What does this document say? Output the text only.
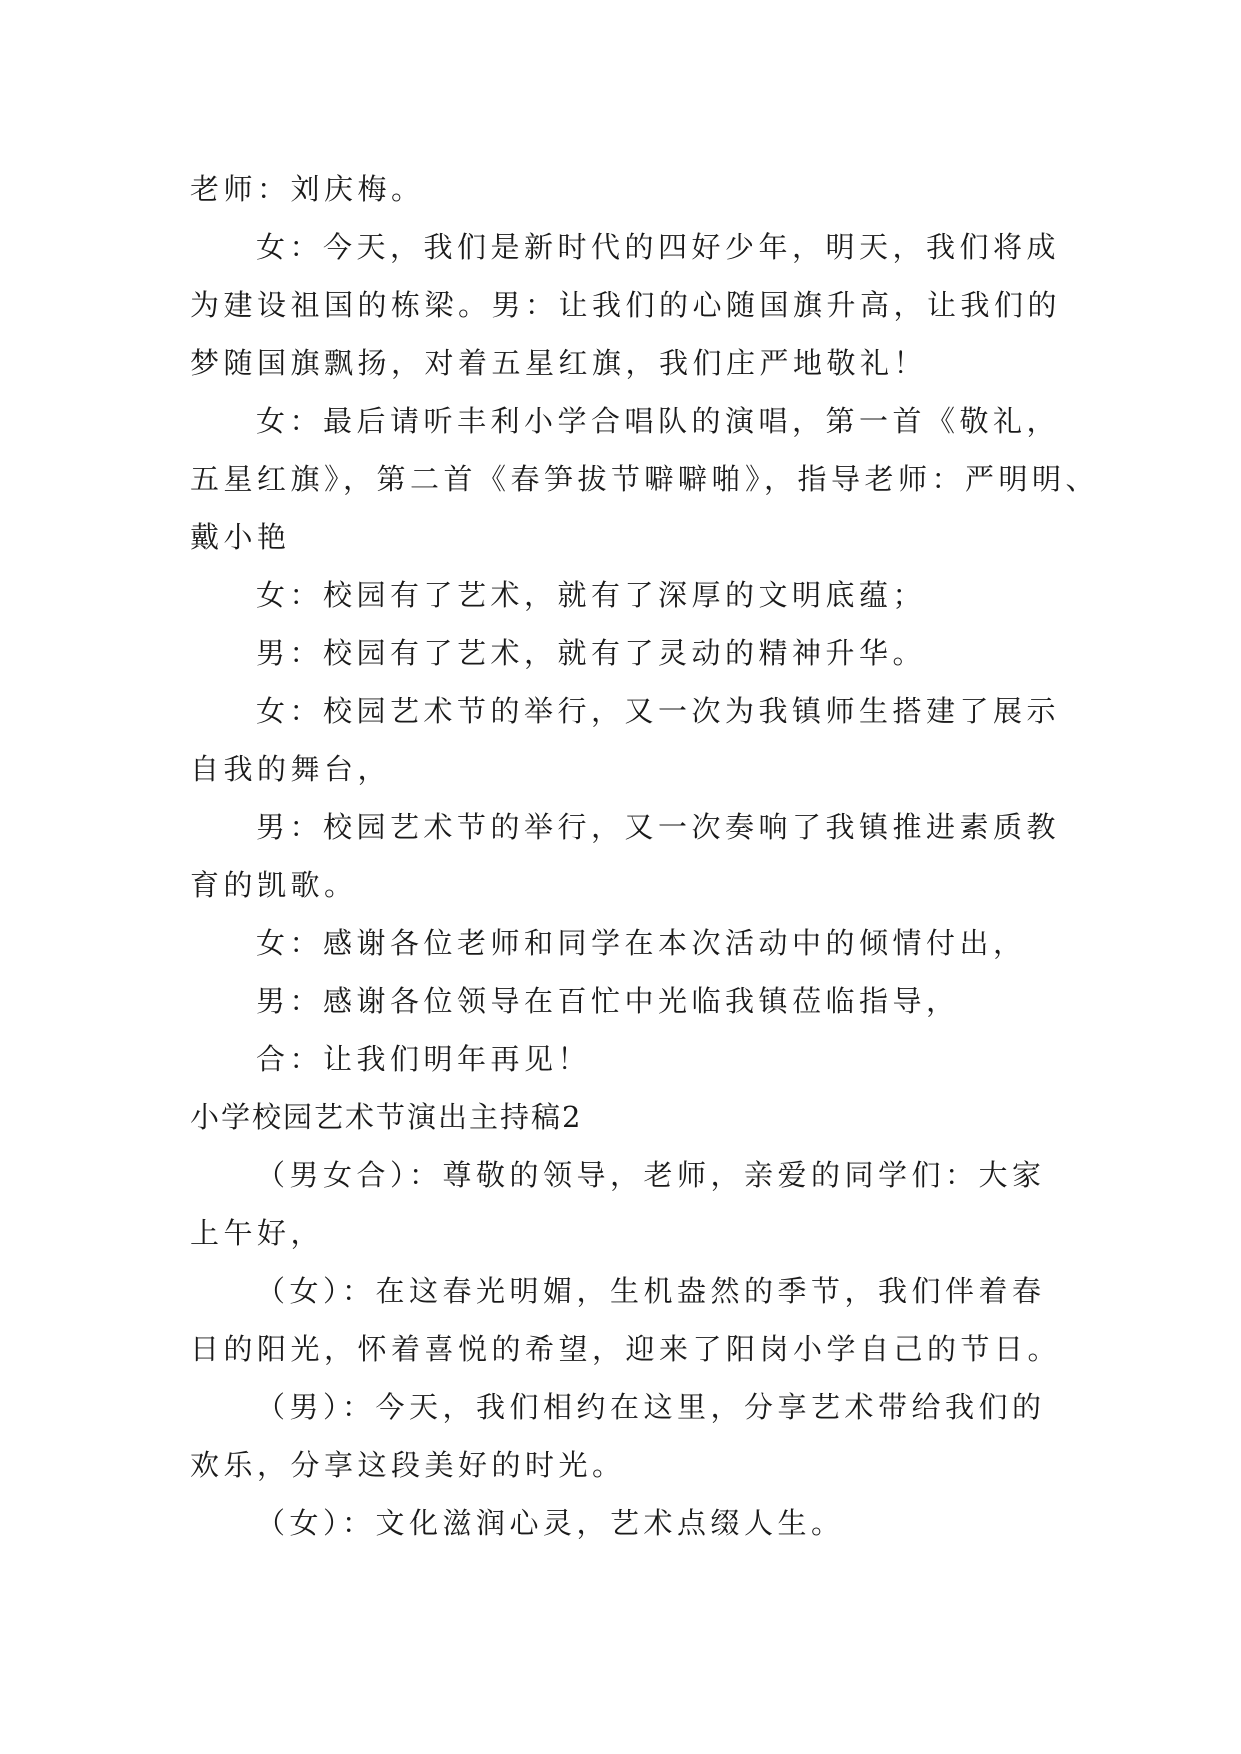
老师：刘庆梅。
女：今天，我们是新时代的四好少年，明天，我们将成
为建设祖国的栋梁。男：让我们的心随国旗升高，让我们的
梦随国旗飘扬，对着五星红旗，我们庄严地敬礼！
女：最后请听丰利小学合唱队的演唱，第一首《敬礼，
五星红旗》，第二首《春笋拔节噼噼啪》，指导老师：严明明、
戴小艳
女：校园有了艺术，就有了深厚的文明底蕴；
男：校园有了艺术，就有了灵动的精神升华。
女：校园艺术节的举行，又一次为我镇师生搭建了展示
自我的舞台，
男：校园艺术节的举行，又一次奏响了我镇推进素质教
育的凯歌。
女：感谢各位老师和同学在本次活动中的倾情付出，
男：感谢各位领导在百忙中光临我镇莅临指导，
合：让我们明年再见！
小学校园艺术节演出主持稿2
（男女合）：尊敬的领导，老师，亲爱的同学们：大家
上午好，
（女）：在这春光明媚，生机盎然的季节，我们伴着春
日的阳光，怀着喜悦的希望，迎来了阳岗小学自己的节日。
（男）：今天，我们相约在这里，分享艺术带给我们的
欢乐，分享这段美好的时光。
（女）：文化滋润心灵，艺术点缀人生。
